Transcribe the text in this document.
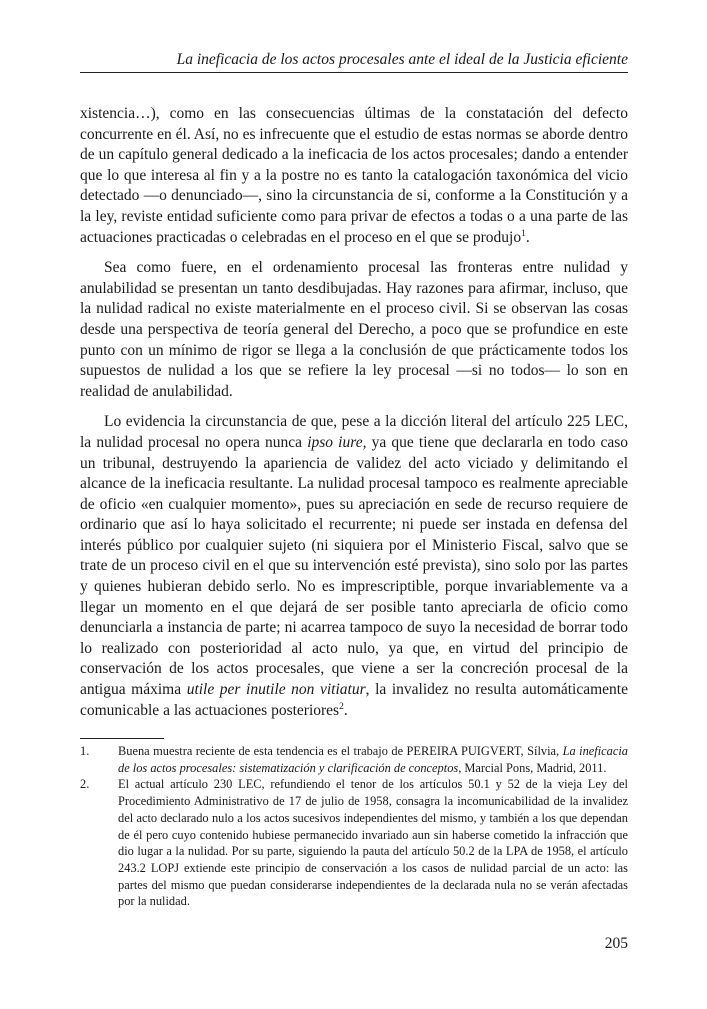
La ineficacia de los actos procesales ante el ideal de la Justicia eficiente

xistencia…), como en las consecuencias últimas de la constatación del defecto concurrente en él. Así, no es infrecuente que el estudio de estas normas se aborde dentro de un capítulo general dedicado a la ineficacia de los actos procesales; dando a entender que lo que interesa al fin y a la postre no es tanto la catalogación taxonómica del vicio detectado —o denunciado—, sino la circunstancia de si, conforme a la Constitución y a la ley, reviste entidad suficiente como para privar de efectos a todas o a una parte de las actuaciones practicadas o celebradas en el proceso en el que se produjo$^1$.

Sea como fuere, en el ordenamiento procesal las fronteras entre nulidad y anulabilidad se presentan un tanto desdibujadas. Hay razones para afirmar, incluso, que la nulidad radical no existe materialmente en el proceso civil. Si se observan las cosas desde una perspectiva de teoría general del Derecho, a poco que se profundice en este punto con un mínimo de rigor se llega a la conclusión de que prácticamente todos los supuestos de nulidad a los que se refiere la ley procesal —si no todos— lo son en realidad de anulabilidad.

Lo evidencia la circunstancia de que, pese a la dicción literal del artículo 225 LEC, la nulidad procesal no opera nunca ipso iure, ya que tiene que declararla en todo caso un tribunal, destruyendo la apariencia de validez del acto viciado y delimitando el alcance de la ineficacia resultante. La nulidad procesal tampoco es realmente apreciable de oficio «en cualquier momento», pues su apreciación en sede de recurso requiere de ordinario que así lo haya solicitado el recurrente; ni puede ser instada en defensa del interés público por cualquier sujeto (ni siquiera por el Ministerio Fiscal, salvo que se trate de un proceso civil en el que su intervención esté prevista), sino solo por las partes y quienes hubieran debido serlo. No es imprescriptible, porque invariablemente va a llegar un momento en el que dejará de ser posible tanto apreciarla de oficio como denunciarla a instancia de parte; ni acarrea tampoco de suyo la necesidad de borrar todo lo realizado con posterioridad al acto nulo, ya que, en virtud del principio de conservación de los actos procesales, que viene a ser la concreción procesal de la antigua máxima utile per inutile non vitiatur, la invalidez no resulta automáticamente comunicable a las actuaciones posteriores$^2$.

1.	Buena muestra reciente de esta tendencia es el trabajo de PEREIRA PUIGVERT, Sílvia, La ineficacia de los actos procesales: sistematización y clarificación de conceptos, Marcial Pons, Madrid, 2011.
2.	El actual artículo 230 LEC, refundiendo el tenor de los artículos 50.1 y 52 de la vieja Ley del Procedimiento Administrativo de 17 de julio de 1958, consagra la incomunicabilidad de la invalidez del acto declarado nulo a los actos sucesivos independientes del mismo, y también a los que dependan de él pero cuyo contenido hubiese permanecido invariado aun sin haberse cometido la infracción que dio lugar a la nulidad. Por su parte, siguiendo la pauta del artículo 50.2 de la LPA de 1958, el artículo 243.2 LOPJ extiende este principio de conservación a los casos de nulidad parcial de un acto: las partes del mismo que puedan considerarse independientes de la declarada nula no se verán afectadas por la nulidad.
205
